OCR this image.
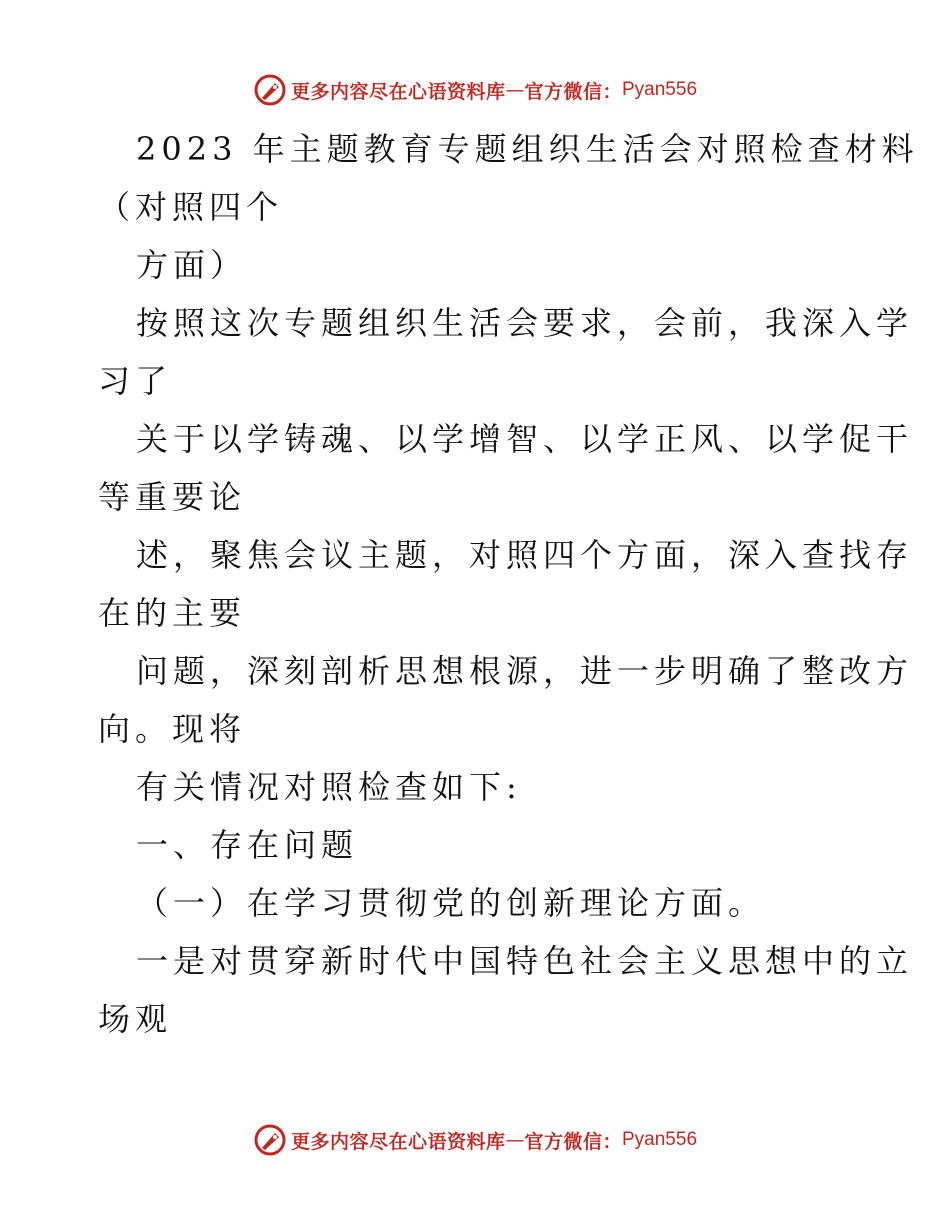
更多内容尽在心语资料库 — 官方微信： Pyan556
2023 年主题教育专题组织生活会对照检查材料
（对照四个
方面）
按照这次专题组织生活会要求，会前，我深入学
习了
关于以学铸魂、以学增智、以学正风、以学促干
等重要论
述，聚焦会议主题，对照四个方面，深入查找存
在的主要
问题，深刻剖析思想根源，进一步明确了整改方
向。现将
有关情况对照检查如下:
一、存在问题
（一）在学习贯彻党的创新理论方面。
一是对贯穿新时代中国特色社会主义思想中的立
场观
更多内容尽在心语资料库 — 官方微信： Pyan556
